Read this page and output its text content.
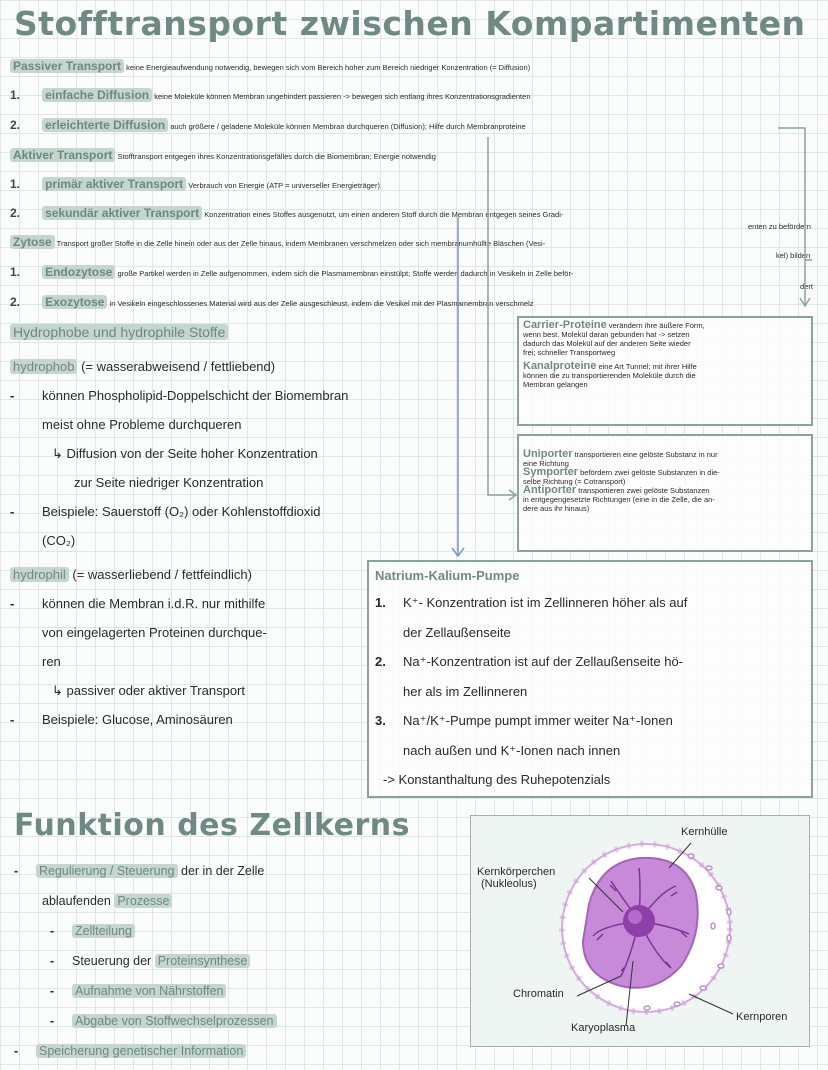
Stofftransport zwischen Kompartimenten
Passiver Transport keine Energieaufwendung notwendig, bewegen sich vom Bereich hoher zum Bereich niedriger Konzentration (= Diffusion)
1. einfache Diffusion keine Moleküle können Membran ungehindert passieren -> bewegen sich entlang ihres Konzentrationsgradienten
2. erleichterte Diffusion auch größere / geladene Moleküle können Membran durchqueren (Diffusion); Hilfe durch Membranproteine
Aktiver Transport Stofftransport entgegen ihres Konzentrationsgefälles durch die Biomembran; Energie notwendig
1. primär aktiver Transport Verbrauch von Energie (ATP = universeller Energieträger)
2. sekundär aktiver Transport Konzentration eines Stoffes ausgenutzt, um einen anderen Stoff durch die Membran entgegen seines Gradi-
enten zu befördern
Zytose Transport großer Stoffe in die Zelle hinein oder aus der Zelle hinaus, indem Membranen verschmelzen oder sich membranumhüllte Bläschen (Vesi-
kel) bilden
1. Endozytose große Partikel werden in Zelle aufgenommen, indem sich die Plasmamembran einstülpt; Stoffe werden dadurch in Vesikeln in Zelle beför-
dert
2. Exozytose in Vesikeln eingeschlossenes Material wird aus der Zelle ausgeschleust, indem die Vesikel mit der Plasmamembran verschmelz
Hydrophobe und hydrophile Stoffe
hydrophob (= wasserabweisend / fettliebend)
- können Phospholipid-Doppelschicht der Biomembran
meist ohne Probleme durchqueren
↳ Diffusion von der Seite hoher Konzentration
zur Seite niedriger Konzentration
- Beispiele: Sauerstoff (O₂) oder Kohlenstoffdioxid
(CO₂)
hydrophil (= wasserliebend / fettfeindlich)
- können die Membran i.d.R. nur mithilfe
von eingelagerten Proteinen durchque-
ren
↳ passiver oder aktiver Transport
- Beispiele: Glucose, Aminosäuren
Carrier-Proteine verändern ihre äußere Form,
wenn best. Molekül daran gebunden hat -> setzen
dadurch das Molekül auf der anderen Seite wieder
frei; schneller Transportweg
Kanalproteine eine Art Tunnel; mit ihrer Hilfe
können die zu transportierenden Moleküle durch die
Membran gelangen
Uniporter transportieren eine gelöste Substanz in nur
eine Richtung
Symporter befördern zwei gelöste Substanzen in die-
selbe Richtung (= Cotransport)
Antiporter transportieren zwei gelöste Substanzen
in entgegengesetzte Richtungen (eine in die Zelle, die an-
dere aus ihr hinaus)
Natrium-Kalium-Pumpe
1. K⁺- Konzentration ist im Zellinneren höher als auf
der Zellaußenseite
2. Na⁺-Konzentration ist auf der Zellaußenseite hö-
her als im Zellinneren
3. Na⁺/K⁺-Pumpe pumpt immer weiter Na⁺-Ionen
nach außen und K⁺-Ionen nach innen
-> Konstanthaltung des Ruhepotenzials
Funktion des Zellkerns
- Regulierung / Steuerung der in der Zelle
ablaufenden Prozesse
- Zellteilung
- Steuerung der Proteinsynthese
- Aufnahme von Nährstoffen
- Abgabe von Stoffwechselprozessen
- Speicherung genetischer Information
Kernhülle
Kernkörperchen
(Nukleolus)
Chromatin
Karyoplasma
Kernporen
